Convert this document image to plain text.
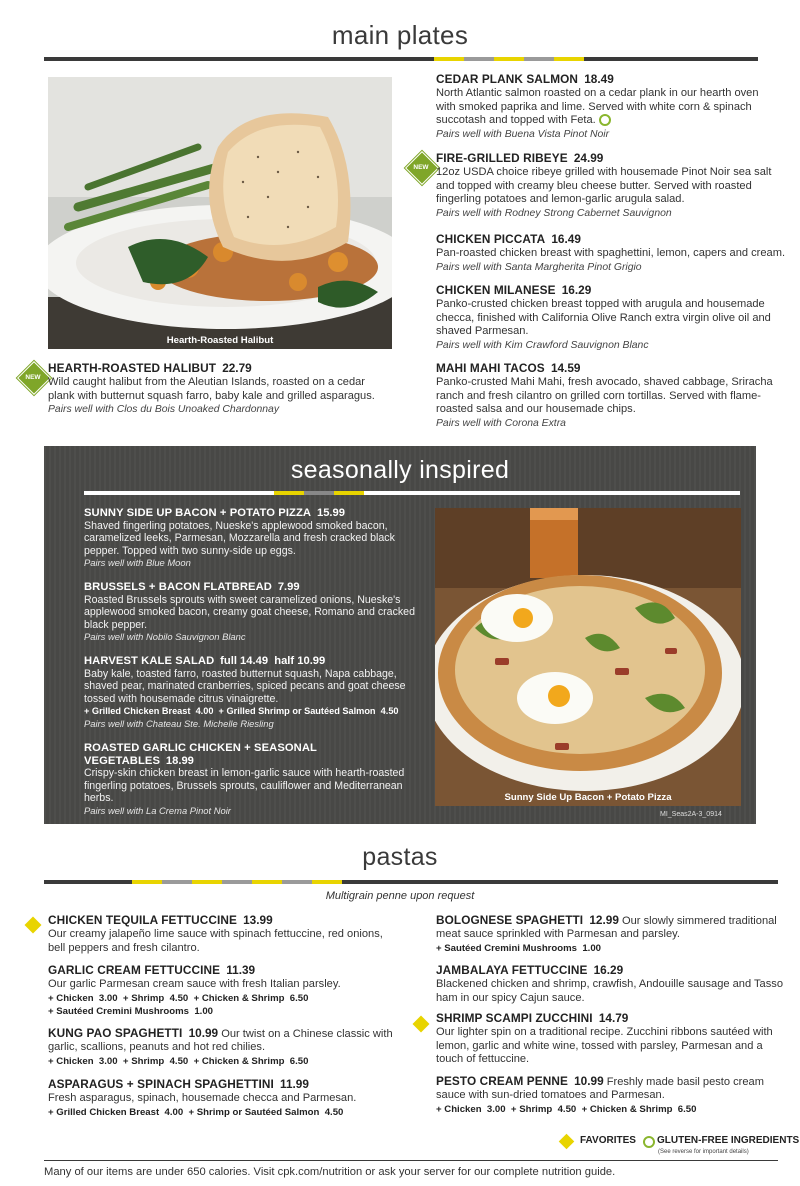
main plates
Hearth-Roasted Halibut
NEW
HEARTH-ROASTED HALIBUT 22.79
Wild caught halibut from the Aleutian Islands, roasted on a cedar plank with butternut squash farro, baby kale and grilled asparagus.
Pairs well with Clos du Bois Unoaked Chardonnay
CEDAR PLANK SALMON 18.49
North Atlantic salmon roasted on a cedar plank in our hearth oven with smoked paprika and lime. Served with white corn & spinach succotash and topped with Feta.
Pairs well with Buena Vista Pinot Noir
NEW
FIRE-GRILLED RIBEYE 24.99
12oz USDA choice ribeye grilled with housemade Pinot Noir sea salt and topped with creamy bleu cheese butter. Served with roasted fingerling potatoes and lemon-garlic arugula salad.
Pairs well with Rodney Strong Cabernet Sauvignon
CHICKEN PICCATA 16.49
Pan-roasted chicken breast with spaghettini, lemon, capers and cream.
Pairs well with Santa Margherita Pinot Grigio
CHICKEN MILANESE 16.29
Panko-crusted chicken breast topped with arugula and housemade checca, finished with California Olive Ranch extra virgin olive oil and shaved Parmesan.
Pairs well with Kim Crawford Sauvignon Blanc
MAHI MAHI TACOS 14.59
Panko-crusted Mahi Mahi, fresh avocado, shaved cabbage, Sriracha ranch and fresh cilantro on grilled corn tortillas. Served with flame-roasted salsa and our housemade chips.
Pairs well with Corona Extra
seasonally inspired
SUNNY SIDE UP BACON + POTATO PIZZA 15.99
Shaved fingerling potatoes, Nueske's applewood smoked bacon, caramelized leeks, Parmesan, Mozzarella and fresh cracked black pepper. Topped with two sunny-side up eggs.
Pairs well with Blue Moon
BRUSSELS + BACON FLATBREAD 7.99
Roasted Brussels sprouts with sweet caramelized onions, Nueske's applewood smoked bacon, creamy goat cheese, Romano and cracked black pepper.
Pairs well with Nobilo Sauvignon Blanc
HARVEST KALE SALAD full 14.49  half 10.99
Baby kale, toasted farro, roasted butternut squash, Napa cabbage, shaved pear, marinated cranberries, spiced pecans and goat cheese tossed with housemade citrus vinaigrette.
+ Grilled Chicken Breast  4.00  + Grilled Shrimp or Sautéed Salmon  4.50
Pairs well with Chateau Ste. Michelle Riesling
ROASTED GARLIC CHICKEN + SEASONAL VEGETABLES 18.99
Crispy-skin chicken breast in lemon-garlic sauce with hearth-roasted fingerling potatoes, Brussels sprouts, cauliflower and Mediterranean herbs.
Pairs well with La Crema Pinot Noir
Sunny Side Up Bacon + Potato Pizza
MI_Seas2A-3_0914
pastas
Multigrain penne upon request
CHICKEN TEQUILA FETTUCCINE 13.99
Our creamy jalapeño lime sauce with spinach fettuccine, red onions, bell peppers and fresh cilantro.
GARLIC CREAM FETTUCCINE 11.39
Our garlic Parmesan cream sauce with fresh Italian parsley.
+ Chicken  3.00  + Shrimp  4.50  + Chicken & Shrimp  6.50
+ Sautéed Cremini Mushrooms  1.00
KUNG PAO SPAGHETTI 10.99 Our twist on a Chinese classic with garlic, scallions, peanuts and hot red chilies. + Chicken  3.00  + Shrimp  4.50  + Chicken & Shrimp  6.50
ASPARAGUS + SPINACH SPAGHETTINI 11.99
Fresh asparagus, spinach, housemade checca and Parmesan.
+ Grilled Chicken Breast  4.00  + Shrimp or Sautéed Salmon  4.50
BOLOGNESE SPAGHETTI 12.99 Our slowly simmered traditional meat sauce sprinkled with Parmesan and parsley. + Sautéed Cremini Mushrooms  1.00
JAMBALAYA FETTUCCINE 16.29
Blackened chicken and shrimp, crawfish, Andouille sausage and Tasso ham in our spicy Cajun sauce.
SHRIMP SCAMPI ZUCCHINI 14.79
Our lighter spin on a traditional recipe. Zucchini ribbons sautéed with lemon, garlic and white wine, tossed with parsley, Parmesan and a touch of fettuccine.
PESTO CREAM PENNE 10.99 Freshly made basil pesto cream sauce with sun-dried tomatoes and Parmesan. + Chicken  3.00  + Shrimp  4.50  + Chicken & Shrimp  6.50
FAVORITES GLUTEN-FREE INGREDIENTS
(See reverse for important details)
Many of our items are under 650 calories. Visit cpk.com/nutrition or ask your server for our complete nutrition guide.
